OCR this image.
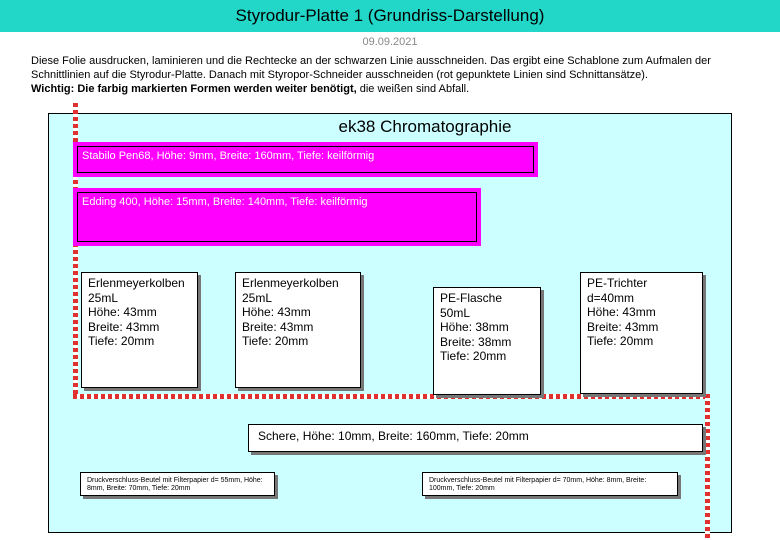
Styrodur-Platte 1 (Grundriss-Darstellung)
09.09.2021
Diese Folie ausdrucken, laminieren und die Rechtecke an der schwarzen Linie ausschneiden. Das ergibt eine Schablone zum Aufmalen der Schnittlinien auf die Styrodur-Platte. Danach mit Styropor-Schneider ausschneiden (rot gepunktete Linien sind Schnittansätze).
Wichtig: Die farbig markierten Formen werden weiter benötigt, die weißen sind Abfall.
ek38 Chromatographie
Stabilo Pen68, Höhe: 9mm, Breite: 160mm, Tiefe: keilförmig
Edding 400, Höhe: 15mm, Breite: 140mm, Tiefe: keilförmig
Erlenmeyerkolben
25mL
Höhe: 43mm
Breite: 43mm
Tiefe: 20mm
Erlenmeyerkolben
25mL
Höhe: 43mm
Breite: 43mm
Tiefe: 20mm
PE-Flasche
50mL
Höhe: 38mm
Breite: 38mm
Tiefe: 20mm
PE-Trichter
d=40mm
Höhe: 43mm
Breite: 43mm
Tiefe: 20mm
Schere, Höhe: 10mm, Breite: 160mm, Tiefe: 20mm
Druckverschluss-Beutel mit Filterpapier d= 55mm, Höhe: 8mm, Breite: 70mm, Tiefe: 20mm
Druckverschluss-Beutel mit Filterpapier d= 70mm, Höhe: 8mm, Breite: 100mm, Tiefe: 20mm
